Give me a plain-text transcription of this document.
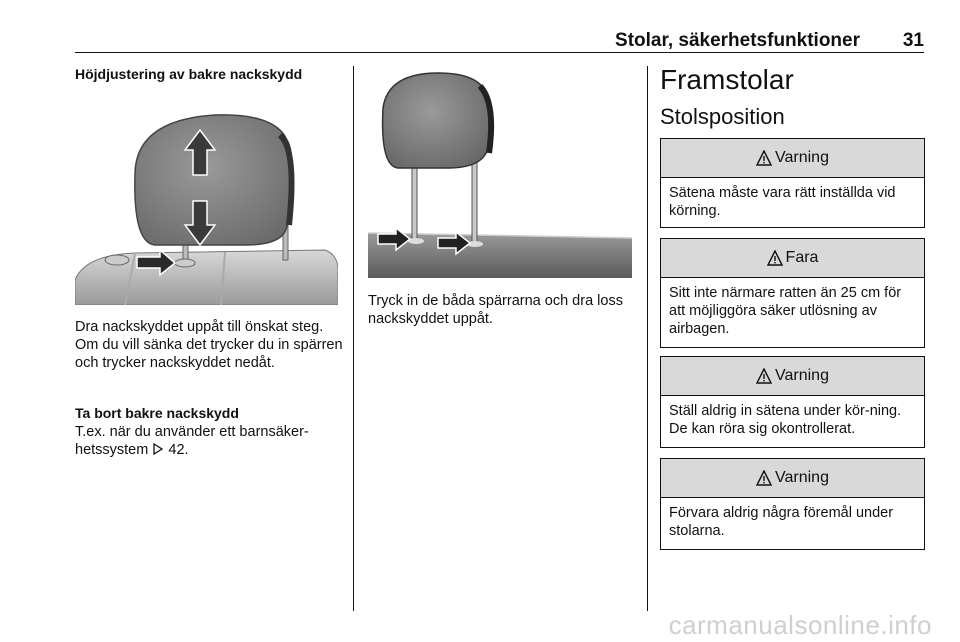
Stolar, säkerhetsfunktioner	31
Höjdjustering av bakre nackskydd
Dra nackskyddet uppåt till önskat steg. Om du vill sänka det trycker du in spärren och trycker nackskyddet nedåt.
Ta bort bakre nackskydd
T.ex. när du använder ett barnsäker-hetssystem  42.
Tryck in de båda spärrarna och dra loss nackskyddet uppåt.
Framstolar
Stolsposition
Varning
Sätena måste vara rätt inställda vid körning.
Fara
Sitt inte närmare ratten än 25 cm för att möjliggöra säker utlösning av airbagen.
Varning
Ställ aldrig in sätena under kör-ning. De kan röra sig okontrollerat.
Varning
Förvara aldrig några föremål under stolarna.
carmanualsonline.info
